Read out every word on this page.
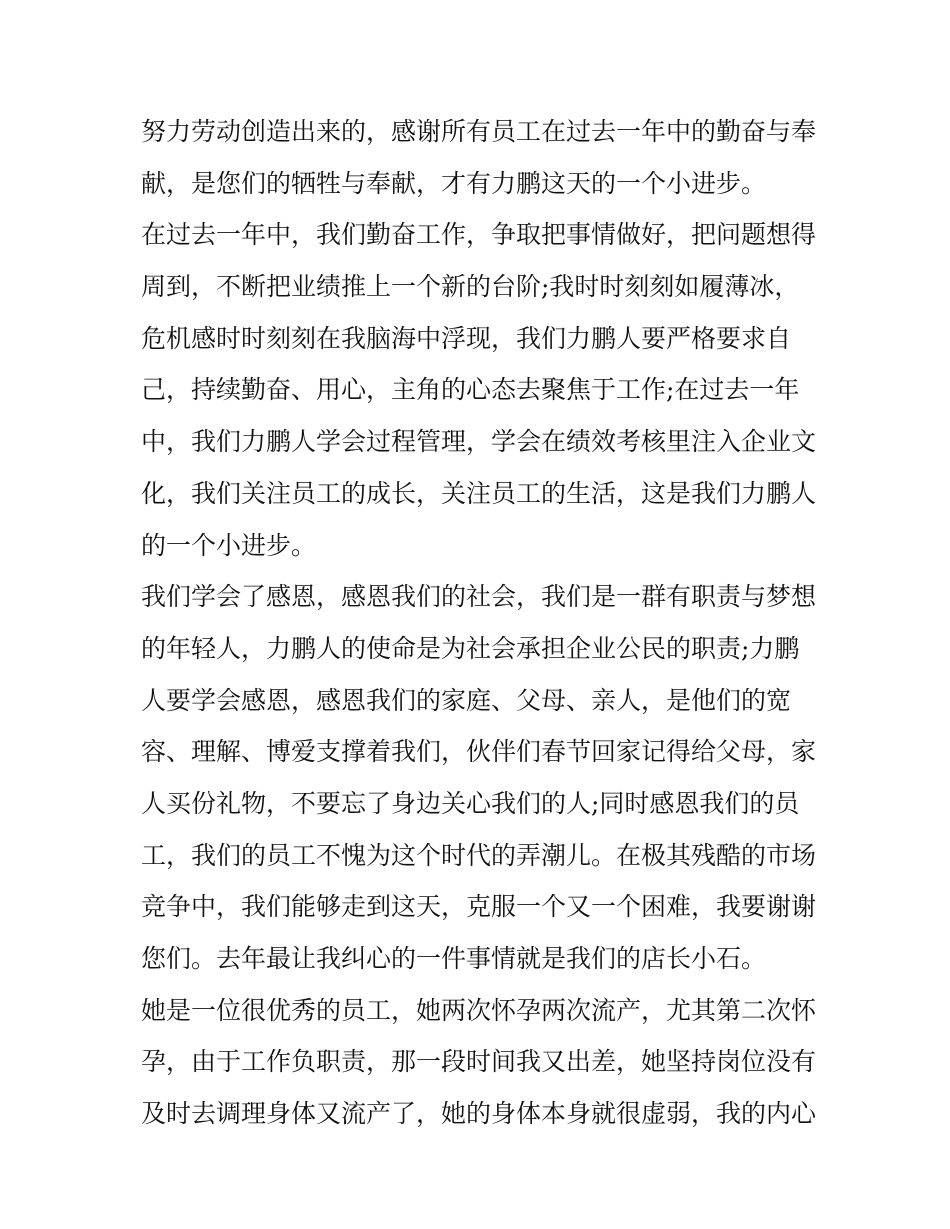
努力劳动创造出来的，感谢所有员工在过去一年中的勤奋与奉
献，是您们的牺牲与奉献，才有力鹏这天的一个小进步。
在过去一年中，我们勤奋工作，争取把事情做好，把问题想得
周到，不断把业绩推上一个新的台阶;我时时刻刻如履薄冰，
危机感时时刻刻在我脑海中浮现，我们力鹏人要严格要求自
己，持续勤奋、用心，主角的心态去聚焦于工作;在过去一年
中，我们力鹏人学会过程管理，学会在绩效考核里注入企业文
化，我们关注员工的成长，关注员工的生活，这是我们力鹏人
的一个小进步。
我们学会了感恩，感恩我们的社会，我们是一群有职责与梦想
的年轻人，力鹏人的使命是为社会承担企业公民的职责;力鹏
人要学会感恩，感恩我们的家庭、父母、亲人，是他们的宽
容、理解、博爱支撑着我们，伙伴们春节回家记得给父母，家
人买份礼物，不要忘了身边关心我们的人;同时感恩我们的员
工，我们的员工不愧为这个时代的弄潮儿。在极其残酷的市场
竞争中，我们能够走到这天，克服一个又一个困难，我要谢谢
您们。去年最让我纠心的一件事情就是我们的店长小石。
她是一位很优秀的员工，她两次怀孕两次流产，尤其第二次怀
孕，由于工作负职责，那一段时间我又出差，她坚持岗位没有
及时去调理身体又流产了，她的身体本身就很虚弱，我的内心
